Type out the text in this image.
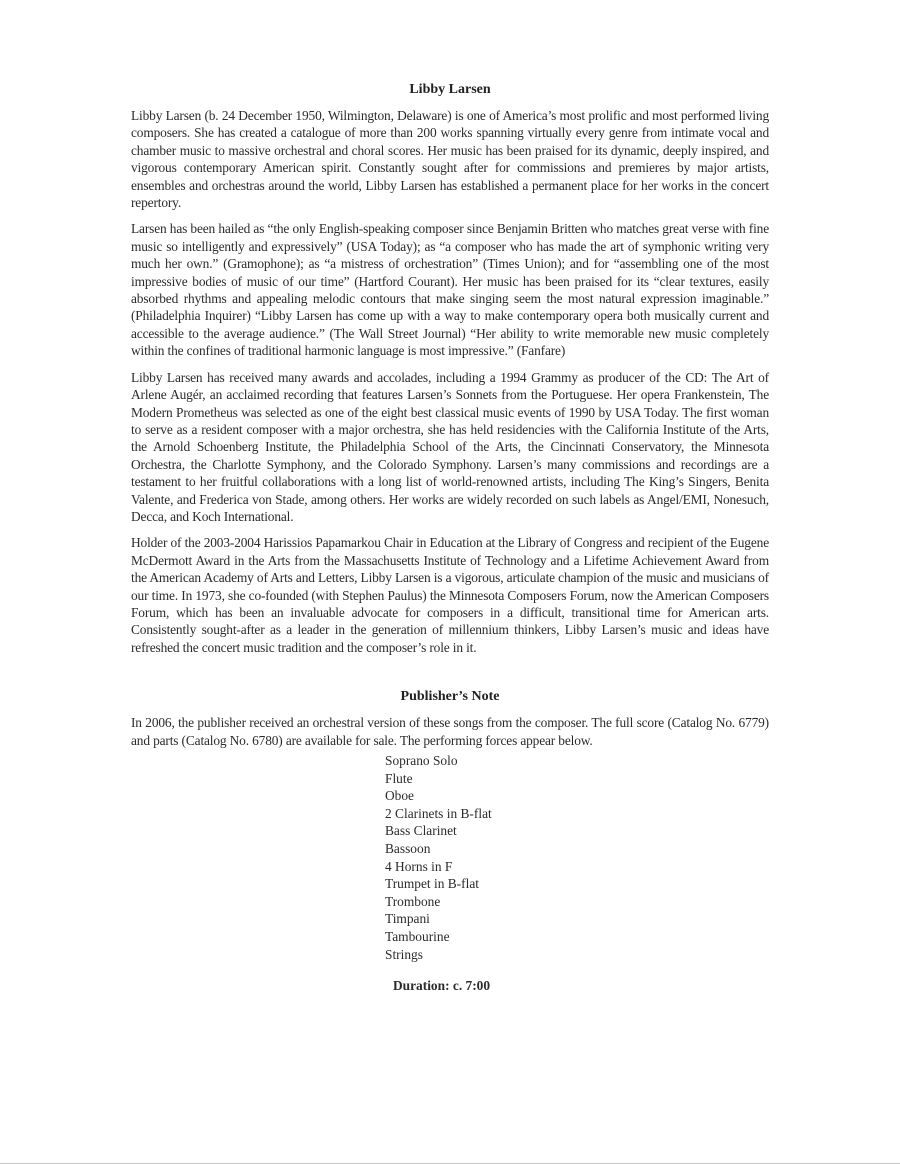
Libby Larsen

Libby Larsen (b. 24 December 1950, Wilmington, Delaware) is one of America’s most prolific and most performed living composers. She has created a catalogue of more than 200 works spanning virtually every genre from intimate vocal and chamber music to massive orchestral and choral scores. Her music has been praised for its dynamic, deeply inspired, and vigorous contemporary American spirit. Constantly sought after for commissions and premieres by major artists, ensembles and orchestras around the world, Libby Larsen has established a permanent place for her works in the concert repertory.

Larsen has been hailed as “the only English-speaking composer since Benjamin Britten who matches great verse with fine music so intelligently and expressively” (USA Today); as “a composer who has made the art of symphonic writing very much her own.” (Gramophone); as “a mistress of orchestration” (Times Union); and for “assembling one of the most impressive bodies of music of our time” (Hartford Courant). Her music has been praised for its “clear textures, easily absorbed rhythms and appealing melodic contours that make singing seem the most natural expression imaginable.” (Philadelphia Inquirer) “Libby Larsen has come up with a way to make contemporary opera both musically current and accessible to the average audience.” (The Wall Street Journal) “Her ability to write memorable new music completely within the confines of traditional harmonic language is most impressive.” (Fanfare)

Libby Larsen has received many awards and accolades, including a 1994 Grammy as producer of the CD: The Art of Arlene Augér, an acclaimed recording that features Larsen’s Sonnets from the Portuguese. Her opera Frankenstein, The Modern Prometheus was selected as one of the eight best classical music events of 1990 by USA Today. The first woman to serve as a resident composer with a major orchestra, she has held residencies with the California Institute of the Arts, the Arnold Schoenberg Institute, the Philadelphia School of the Arts, the Cincinnati Conservatory, the Minnesota Orchestra, the Charlotte Symphony, and the Colorado Symphony. Larsen’s many commissions and recordings are a testament to her fruitful collaborations with a long list of world-renowned artists, including The King’s Singers, Benita Valente, and Frederica von Stade, among others. Her works are widely recorded on such labels as Angel/EMI, Nonesuch, Decca, and Koch International.

Holder of the 2003-2004 Harissios Papamarkou Chair in Education at the Library of Congress and recipient of the Eugene McDermott Award in the Arts from the Massachusetts Institute of Technology and a Lifetime Achievement Award from the American Academy of Arts and Letters, Libby Larsen is a vigorous, articulate champion of the music and musicians of our time. In 1973, she co-founded (with Stephen Paulus) the Minnesota Composers Forum, now the American Composers Forum, which has been an invaluable advocate for composers in a difficult, transitional time for American arts. Consistently sought-after as a leader in the generation of millennium thinkers, Libby Larsen’s music and ideas have refreshed the concert music tradition and the composer’s role in it.

Publisher’s Note

In 2006, the publisher received an orchestral version of these songs from the composer. The full score (Catalog No. 6779) and parts (Catalog No. 6780) are available for sale. The performing forces appear below.

Soprano Solo
Flute
Oboe
2 Clarinets in B-flat
Bass Clarinet
Bassoon
4 Horns in F
Trumpet in B-flat
Trombone
Timpani
Tambourine
Strings
Duration: c. 7:00
